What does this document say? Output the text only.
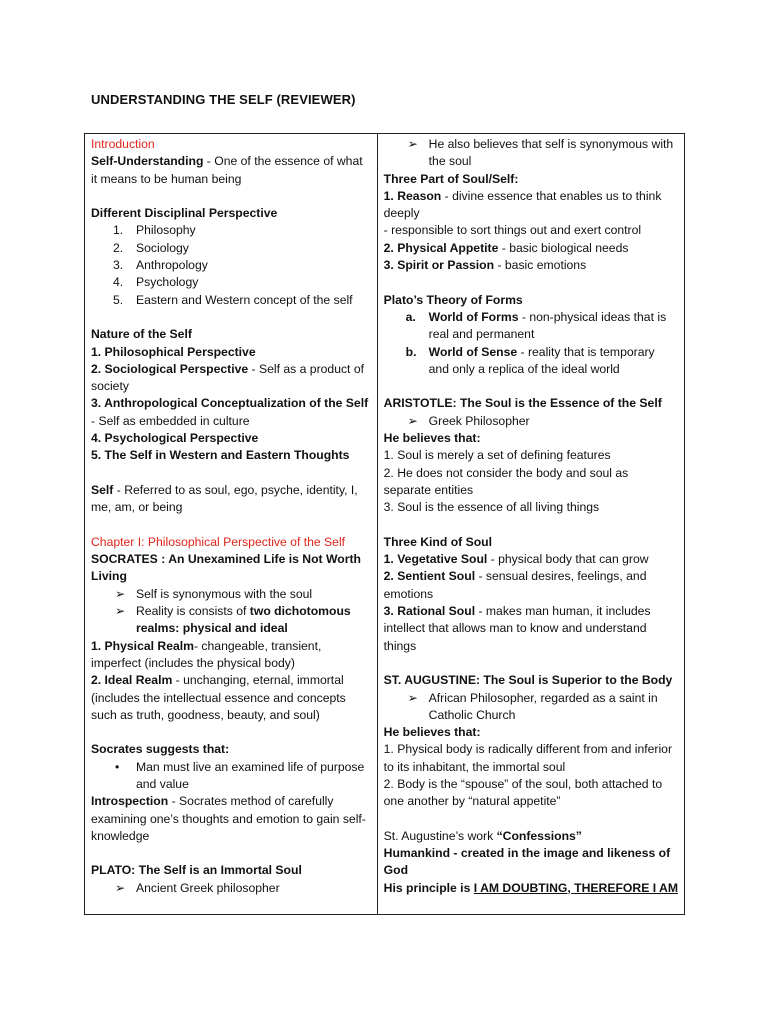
UNDERSTANDING THE SELF (REVIEWER)
Introduction
Self-Understanding - One of the essence of what it means to be human being
Different Disciplinal Perspective
1. Philosophy
2. Sociology
3. Anthropology
4. Psychology
5. Eastern and Western concept of the self
Nature of the Self
1. Philosophical Perspective
2. Sociological Perspective - Self as a product of society
3. Anthropological Conceptualization of the Self - Self as embedded in culture
4. Psychological Perspective
5. The Self in Western and Eastern Thoughts
Self - Referred to as soul, ego, psyche, identity, I, me, am, or being
Chapter I: Philosophical Perspective of the Self
SOCRATES : An Unexamined Life is Not Worth Living
➢ Self is synonymous with the soul
➢ Reality is consists of two dichotomous realms: physical and ideal
1. Physical Realm- changeable, transient, imperfect (includes the physical body)
2. Ideal Realm - unchanging, eternal, immortal (includes the intellectual essence and concepts such as truth, goodness, beauty, and soul)
Socrates suggests that:
• Man must live an examined life of purpose and value
Introspection - Socrates method of carefully examining one’s thoughts and emotion to gain self-knowledge
PLATO: The Self is an Immortal Soul
➢ Ancient Greek philosopher
➢ He also believes that self is synonymous with the soul
Three Part of Soul/Self:
1. Reason - divine essence that enables us to think deeply
- responsible to sort things out and exert control
2. Physical Appetite - basic biological needs
3. Spirit or Passion - basic emotions
Plato’s Theory of Forms
a. World of Forms - non-physical ideas that is real and permanent
b. World of Sense - reality that is temporary and only a replica of the ideal world
ARISTOTLE: The Soul is the Essence of the Self
➢ Greek Philosopher
He believes that:
1. Soul is merely a set of defining features
2. He does not consider the body and soul as separate entities
3. Soul is the essence of all living things
Three Kind of Soul
1. Vegetative Soul - physical body that can grow
2. Sentient Soul - sensual desires, feelings, and emotions
3. Rational Soul - makes man human, it includes intellect that allows man to know and understand things
ST. AUGUSTINE: The Soul is Superior to the Body
➢ African Philosopher, regarded as a saint in Catholic Church
He believes that:
1. Physical body is radically different from and inferior to its inhabitant, the immortal soul
2. Body is the “spouse” of the soul, both attached to one another by “natural appetite”
St. Augustine’s work “Confessions”
Humankind - created in the image and likeness of God
His principle is I AM DOUBTING, THEREFORE I AM
